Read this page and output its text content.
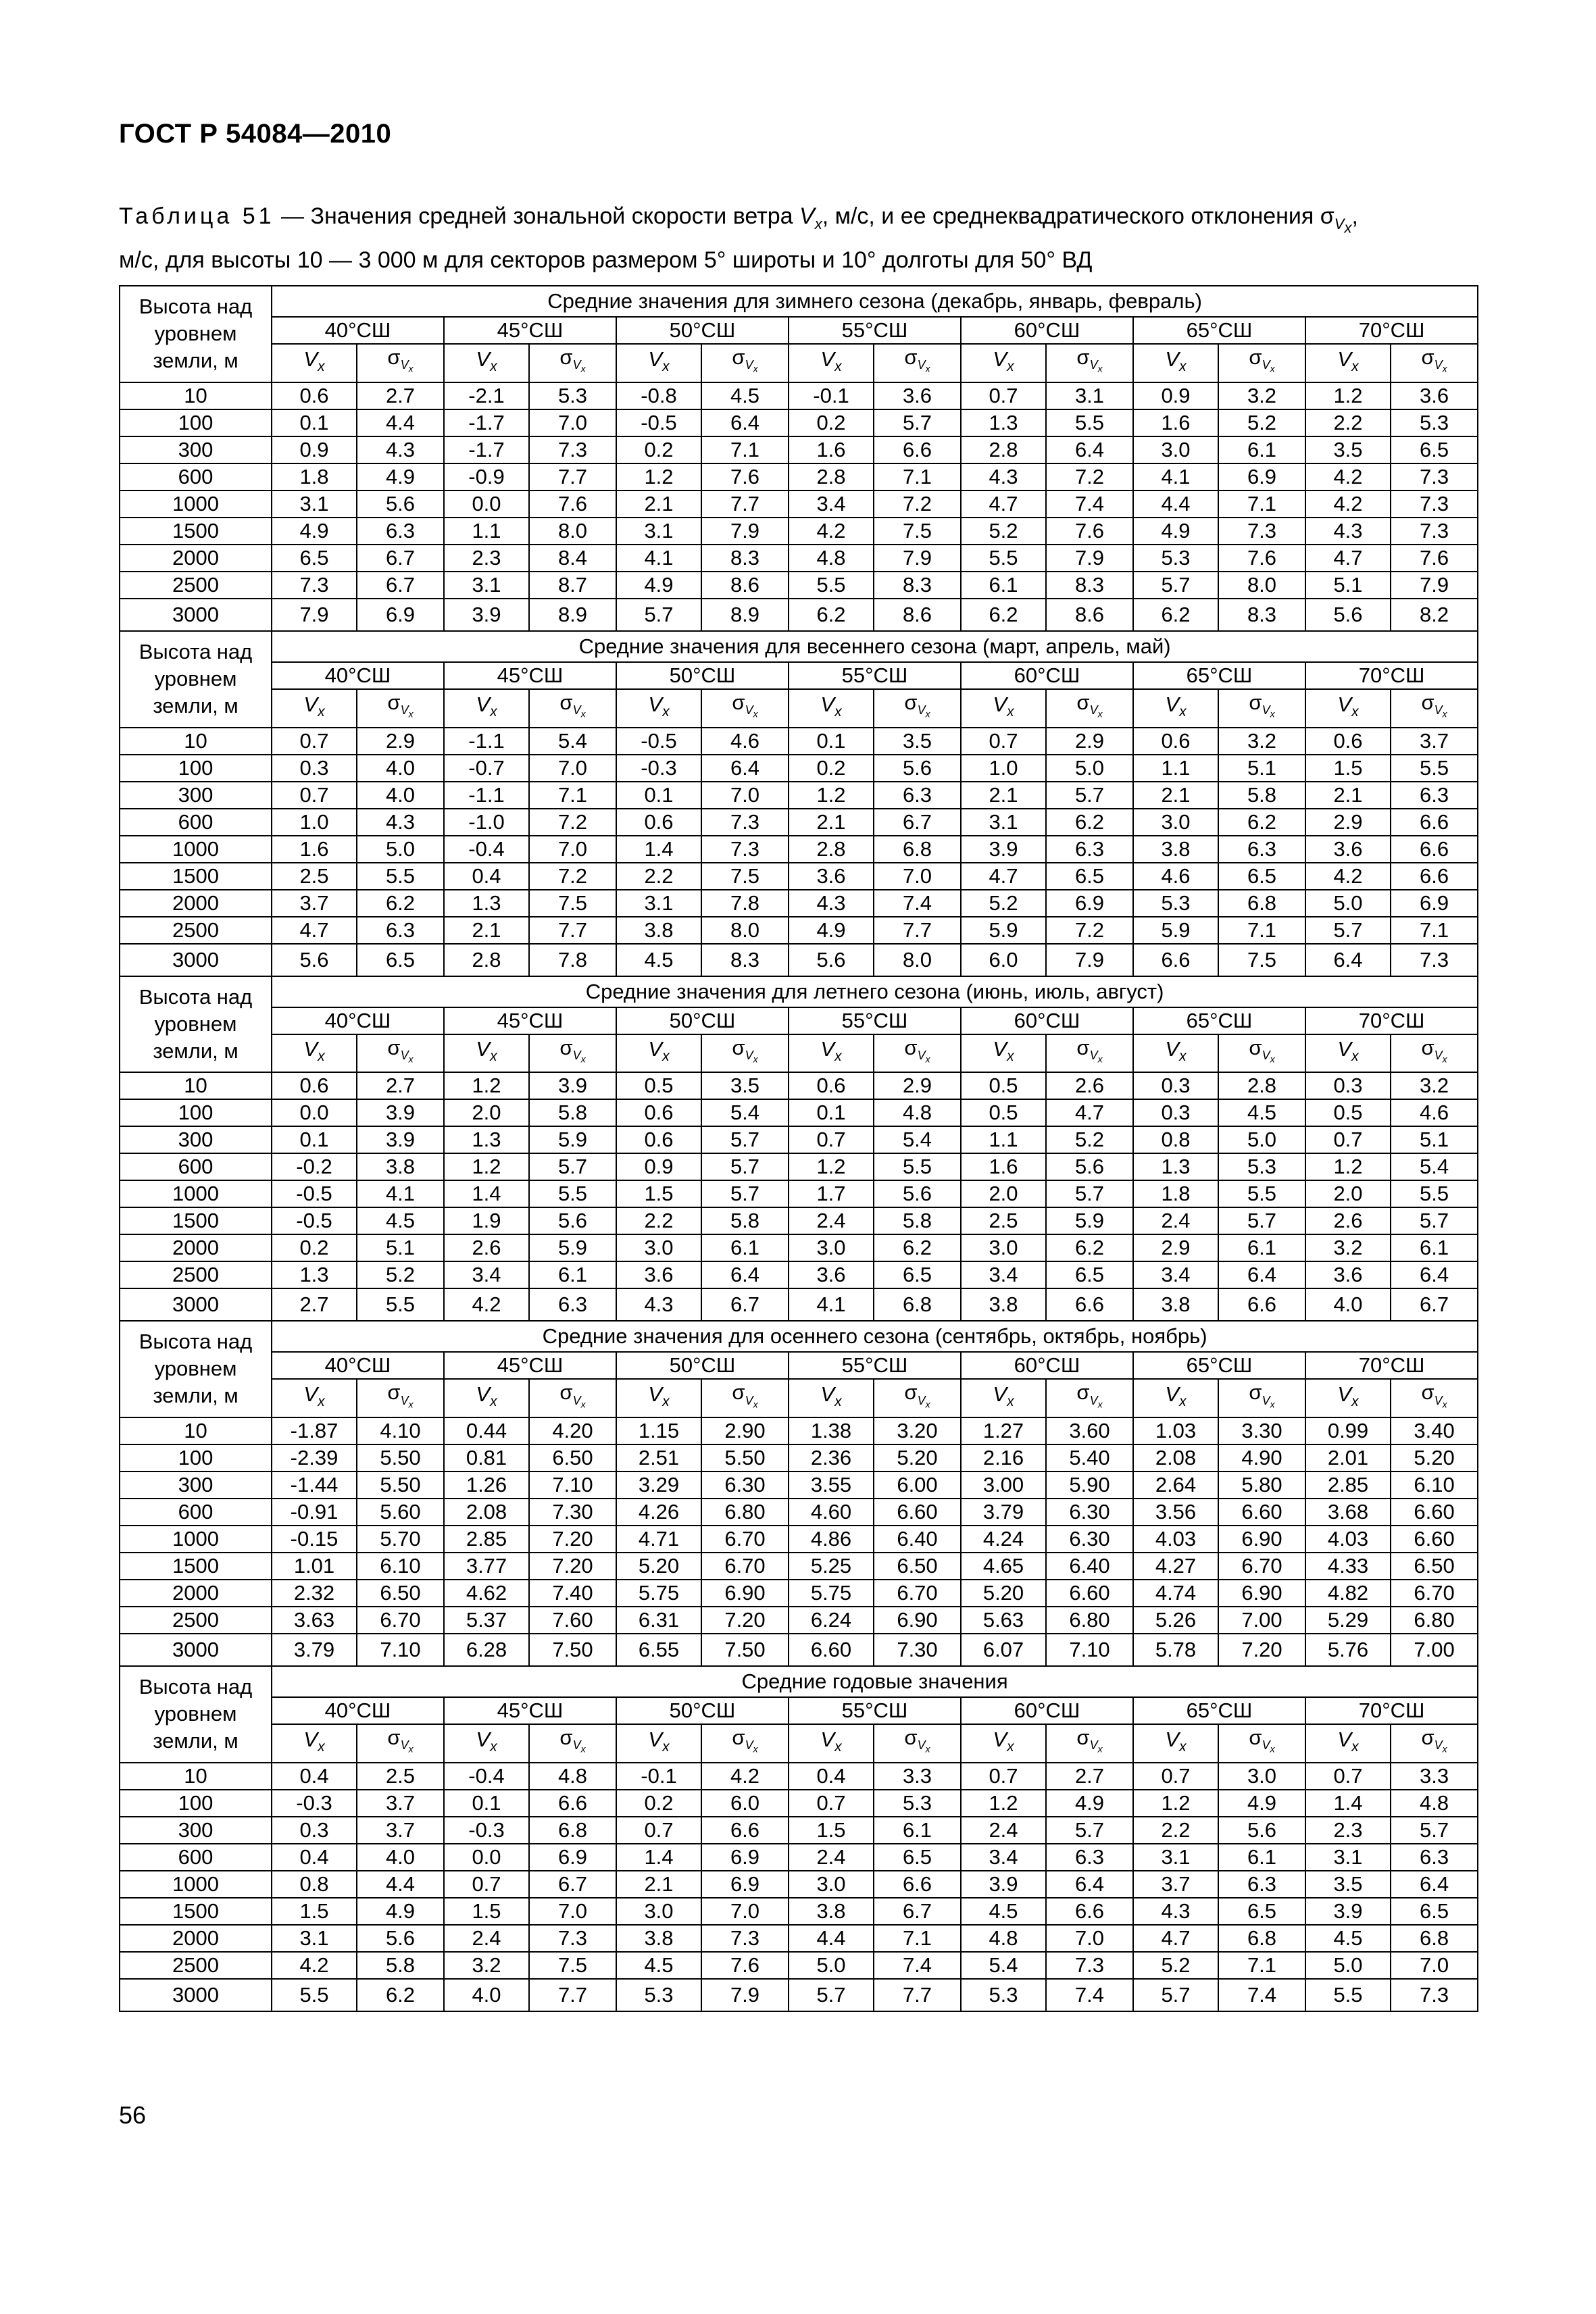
ГОСТ Р 54084—2010
Таблица 51 — Значения средней зональной скорости ветра $V_x$, м/с, и ее среднеквадратического отклонения $\sigma_{V_x}$,
м/с, для высоты 10 — 3 000 м для секторов размером 5° широты и 10° долготы для 50° ВД
Высота над уровнем земли, м	Средние значения для зимнего сезона (декабрь, январь, февраль)													
	40°СШ		45°СШ		50°СШ		55°СШ		60°СШ		65°СШ		70°СШ	
	$V_x$	$\sigma_{V_x}$	$V_x$	$\sigma_{V_x}$	$V_x$	$\sigma_{V_x}$	$V_x$	$\sigma_{V_x}$	$V_x$	$\sigma_{V_x}$	$V_x$	$\sigma_{V_x}$	$V_x$	$\sigma_{V_x}$
10	0.6	2.7	-2.1	5.3	-0.8	4.5	-0.1	3.6	0.7	3.1	0.9	3.2	1.2	3.6
100	0.1	4.4	-1.7	7.0	-0.5	6.4	0.2	5.7	1.3	5.5	1.6	5.2	2.2	5.3
300	0.9	4.3	-1.7	7.3	0.2	7.1	1.6	6.6	2.8	6.4	3.0	6.1	3.5	6.5
600	1.8	4.9	-0.9	7.7	1.2	7.6	2.8	7.1	4.3	7.2	4.1	6.9	4.2	7.3
1000	3.1	5.6	0.0	7.6	2.1	7.7	3.4	7.2	4.7	7.4	4.4	7.1	4.2	7.3
1500	4.9	6.3	1.1	8.0	3.1	7.9	4.2	7.5	5.2	7.6	4.9	7.3	4.3	7.3
2000	6.5	6.7	2.3	8.4	4.1	8.3	4.8	7.9	5.5	7.9	5.3	7.6	4.7	7.6
2500	7.3	6.7	3.1	8.7	4.9	8.6	5.5	8.3	6.1	8.3	5.7	8.0	5.1	7.9
3000	7.9	6.9	3.9	8.9	5.7	8.9	6.2	8.6	6.2	8.6	6.2	8.3	5.6	8.2
Высота над уровнем земли, м	Средние значения для весеннего сезона (март, апрель, май)													
	40°СШ		45°СШ		50°СШ		55°СШ		60°СШ		65°СШ		70°СШ	
	$V_x$	$\sigma_{V_x}$	$V_x$	$\sigma_{V_x}$	$V_x$	$\sigma_{V_x}$	$V_x$	$\sigma_{V_x}$	$V_x$	$\sigma_{V_x}$	$V_x$	$\sigma_{V_x}$	$V_x$	$\sigma_{V_x}$
10	0.7	2.9	-1.1	5.4	-0.5	4.6	0.1	3.5	0.7	2.9	0.6	3.2	0.6	3.7
100	0.3	4.0	-0.7	7.0	-0.3	6.4	0.2	5.6	1.0	5.0	1.1	5.1	1.5	5.5
300	0.7	4.0	-1.1	7.1	0.1	7.0	1.2	6.3	2.1	5.7	2.1	5.8	2.1	6.3
600	1.0	4.3	-1.0	7.2	0.6	7.3	2.1	6.7	3.1	6.2	3.0	6.2	2.9	6.6
1000	1.6	5.0	-0.4	7.0	1.4	7.3	2.8	6.8	3.9	6.3	3.8	6.3	3.6	6.6
1500	2.5	5.5	0.4	7.2	2.2	7.5	3.6	7.0	4.7	6.5	4.6	6.5	4.2	6.6
2000	3.7	6.2	1.3	7.5	3.1	7.8	4.3	7.4	5.2	6.9	5.3	6.8	5.0	6.9
2500	4.7	6.3	2.1	7.7	3.8	8.0	4.9	7.7	5.9	7.2	5.9	7.1	5.7	7.1
3000	5.6	6.5	2.8	7.8	4.5	8.3	5.6	8.0	6.0	7.9	6.6	7.5	6.4	7.3
Высота над уровнем земли, м	Средние значения для летнего сезона (июнь, июль, август)													
	40°СШ		45°СШ		50°СШ		55°СШ		60°СШ		65°СШ		70°СШ	
	$V_x$	$\sigma_{V_x}$	$V_x$	$\sigma_{V_x}$	$V_x$	$\sigma_{V_x}$	$V_x$	$\sigma_{V_x}$	$V_x$	$\sigma_{V_x}$	$V_x$	$\sigma_{V_x}$	$V_x$	$\sigma_{V_x}$
10	0.6	2.7	1.2	3.9	0.5	3.5	0.6	2.9	0.5	2.6	0.3	2.8	0.3	3.2
100	0.0	3.9	2.0	5.8	0.6	5.4	0.1	4.8	0.5	4.7	0.3	4.5	0.5	4.6
300	0.1	3.9	1.3	5.9	0.6	5.7	0.7	5.4	1.1	5.2	0.8	5.0	0.7	5.1
600	-0.2	3.8	1.2	5.7	0.9	5.7	1.2	5.5	1.6	5.6	1.3	5.3	1.2	5.4
1000	-0.5	4.1	1.4	5.5	1.5	5.7	1.7	5.6	2.0	5.7	1.8	5.5	2.0	5.5
1500	-0.5	4.5	1.9	5.6	2.2	5.8	2.4	5.8	2.5	5.9	2.4	5.7	2.6	5.7
2000	0.2	5.1	2.6	5.9	3.0	6.1	3.0	6.2	3.0	6.2	2.9	6.1	3.2	6.1
2500	1.3	5.2	3.4	6.1	3.6	6.4	3.6	6.5	3.4	6.5	3.4	6.4	3.6	6.4
3000	2.7	5.5	4.2	6.3	4.3	6.7	4.1	6.8	3.8	6.6	3.8	6.6	4.0	6.7
Высота над уровнем земли, м	Средние значения для осеннего сезона (сентябрь, октябрь, ноябрь)													
	40°СШ		45°СШ		50°СШ		55°СШ		60°СШ		65°СШ		70°СШ	
	$V_x$	$\sigma_{V_x}$	$V_x$	$\sigma_{V_x}$	$V_x$	$\sigma_{V_x}$	$V_x$	$\sigma_{V_x}$	$V_x$	$\sigma_{V_x}$	$V_x$	$\sigma_{V_x}$	$V_x$	$\sigma_{V_x}$
10	-1.87	4.10	0.44	4.20	1.15	2.90	1.38	3.20	1.27	3.60	1.03	3.30	0.99	3.40
100	-2.39	5.50	0.81	6.50	2.51	5.50	2.36	5.20	2.16	5.40	2.08	4.90	2.01	5.20
300	-1.44	5.50	1.26	7.10	3.29	6.30	3.55	6.00	3.00	5.90	2.64	5.80	2.85	6.10
600	-0.91	5.60	2.08	7.30	4.26	6.80	4.60	6.60	3.79	6.30	3.56	6.60	3.68	6.60
1000	-0.15	5.70	2.85	7.20	4.71	6.70	4.86	6.40	4.24	6.30	4.03	6.90	4.03	6.60
1500	1.01	6.10	3.77	7.20	5.20	6.70	5.25	6.50	4.65	6.40	4.27	6.70	4.33	6.50
2000	2.32	6.50	4.62	7.40	5.75	6.90	5.75	6.70	5.20	6.60	4.74	6.90	4.82	6.70
2500	3.63	6.70	5.37	7.60	6.31	7.20	6.24	6.90	5.63	6.80	5.26	7.00	5.29	6.80
3000	3.79	7.10	6.28	7.50	6.55	7.50	6.60	7.30	6.07	7.10	5.78	7.20	5.76	7.00
Высота над уровнем земли, м	Средние годовые значения													
	40°СШ		45°СШ		50°СШ		55°СШ		60°СШ		65°СШ		70°СШ	
	$V_x$	$\sigma_{V_x}$	$V_x$	$\sigma_{V_x}$	$V_x$	$\sigma_{V_x}$	$V_x$	$\sigma_{V_x}$	$V_x$	$\sigma_{V_x}$	$V_x$	$\sigma_{V_x}$	$V_x$	$\sigma_{V_x}$
10	0.4	2.5	-0.4	4.8	-0.1	4.2	0.4	3.3	0.7	2.7	0.7	3.0	0.7	3.3
100	-0.3	3.7	0.1	6.6	0.2	6.0	0.7	5.3	1.2	4.9	1.2	4.9	1.4	4.8
300	0.3	3.7	-0.3	6.8	0.7	6.6	1.5	6.1	2.4	5.7	2.2	5.6	2.3	5.7
600	0.4	4.0	0.0	6.9	1.4	6.9	2.4	6.5	3.4	6.3	3.1	6.1	3.1	6.3
1000	0.8	4.4	0.7	6.7	2.1	6.9	3.0	6.6	3.9	6.4	3.7	6.3	3.5	6.4
1500	1.5	4.9	1.5	7.0	3.0	7.0	3.8	6.7	4.5	6.6	4.3	6.5	3.9	6.5
2000	3.1	5.6	2.4	7.3	3.8	7.3	4.4	7.1	4.8	7.0	4.7	6.8	4.5	6.8
2500	4.2	5.8	3.2	7.5	4.5	7.6	5.0	7.4	5.4	7.3	5.2	7.1	5.0	7.0
3000	5.5	6.2	4.0	7.7	5.3	7.9	5.7	7.7	5.3	7.4	5.7	7.4	5.5	7.3
56
